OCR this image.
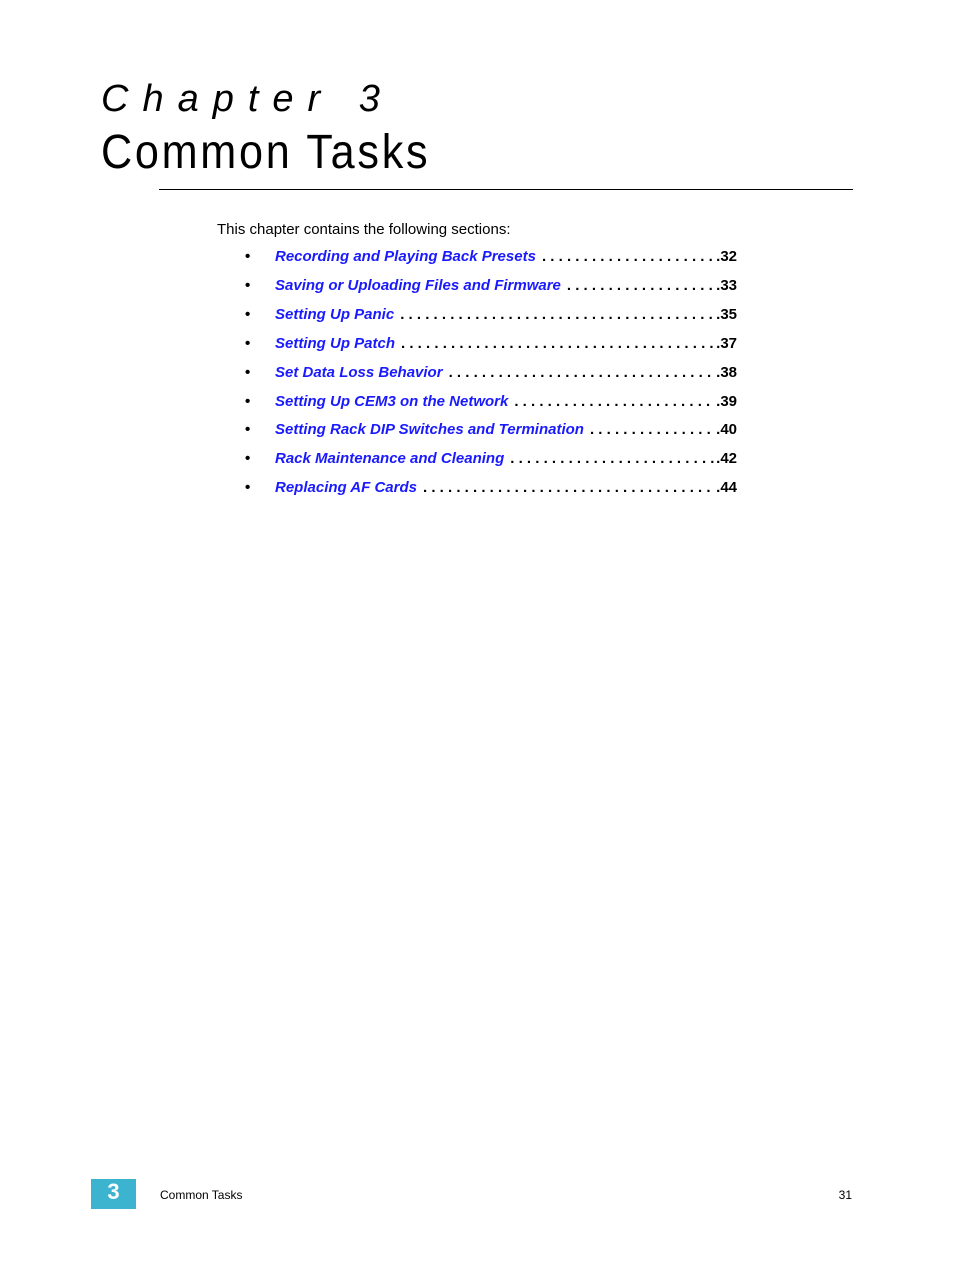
Chapter 3
Common Tasks
This chapter contains the following sections:
• Recording and Playing Back Presets . . .	. 32
• Saving or Uploading Files and Firmware . . .	. 33
• Setting Up Panic . . .	. 35
• Setting Up Patch . . .	. 37
• Set Data Loss Behavior . . .	. 38
• Setting Up CEM3 on the Network . . .	. 39
• Setting Rack DIP Switches and Termination . . .	. 40
• Rack Maintenance and Cleaning . . .	. 42
• Replacing AF Cards . . .	. 44
3	Common Tasks	31
